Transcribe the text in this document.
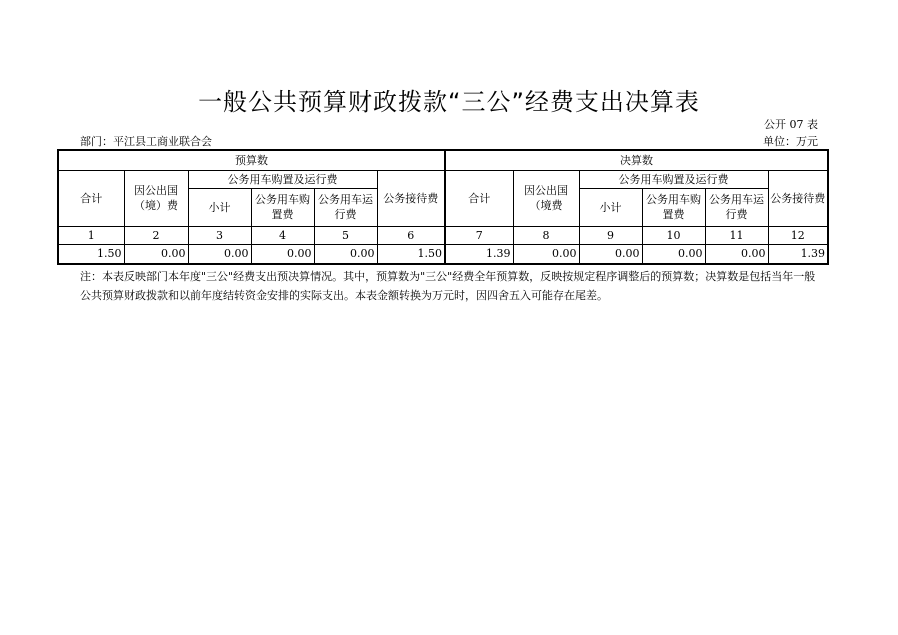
一般公共预算财政拨款“三公”经费支出决算表
公开 07 表
部门：平江县工商业联合会	单位：万元
预算数						决算数					
合计	因公出国（境）费	公务用车购置及运行费			公务接待费	合计	因公出国（境费	公务用车购置及运行费			公务接待费
		小计	公务用车购置费	公务用车运行费				小计	公务用车购置费	公务用车运行费	
1	2	3	4	5	6	7	8	9	10	11	12
1.50	0.00	0.00	0.00	0.00	1.50	1.39	0.00	0.00	0.00	0.00	1.39
注：本表反映部门本年度"三公"经费支出预决算情况。其中，预算数为"三公"经费全年预算数，反映按规定程序调整后的预算数；决算数是包括当年一般公共预算财政拨款和以前年度结转资金安排的实际支出。本表金额转换为万元时，因四舍五入可能存在尾差。
